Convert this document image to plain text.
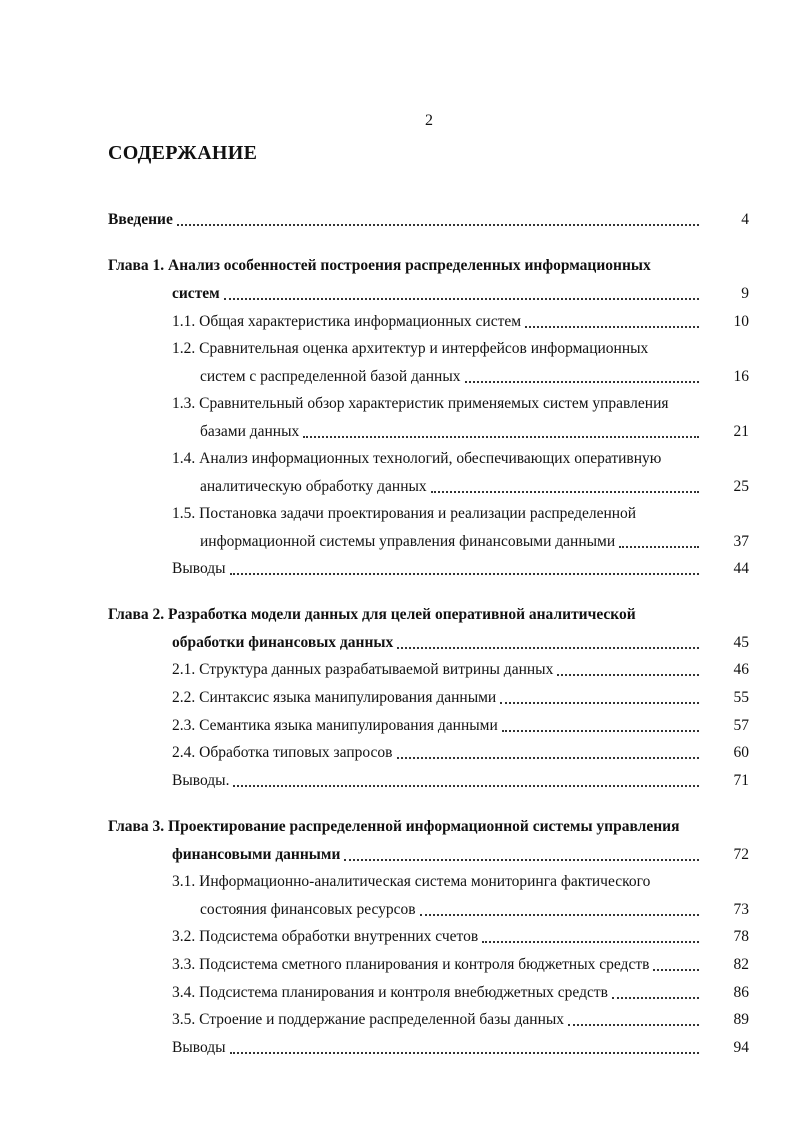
2
СОДЕРЖАНИЕ
Введение	4
Глава 1. Анализ особенностей построения распределенных информационных
систем	9
1.1. Общая характеристика информационных систем	10
1.2. Сравнительная оценка архитектур и интерфейсов информационных
систем с распределенной базой данных	16
1.3. Сравнительный обзор характеристик применяемых систем управления
базами данных	21
1.4. Анализ информационных технологий, обеспечивающих оперативную
аналитическую обработку данных	25
1.5. Постановка задачи проектирования и реализации распределенной
информационной системы управления финансовыми данными	37
Выводы	44
Глава 2. Разработка модели данных для целей оперативной аналитической
обработки финансовых данных	45
2.1. Структура данных разрабатываемой витрины данных	46
2.2. Синтаксис языка манипулирования данными	55
2.3. Семантика языка манипулирования данными	57
2.4. Обработка типовых запросов	60
Выводы.	71
Глава 3. Проектирование распределенной информационной системы управления
финансовыми данными	72
3.1. Информационно-аналитическая система мониторинга фактического
состояния финансовых ресурсов	73
3.2. Подсистема обработки внутренних счетов	78
3.3. Подсистема сметного планирования и контроля бюджетных средств	82
3.4. Подсистема планирования и контроля внебюджетных средств	86
3.5. Строение и поддержание распределенной базы данных	89
Выводы	94
